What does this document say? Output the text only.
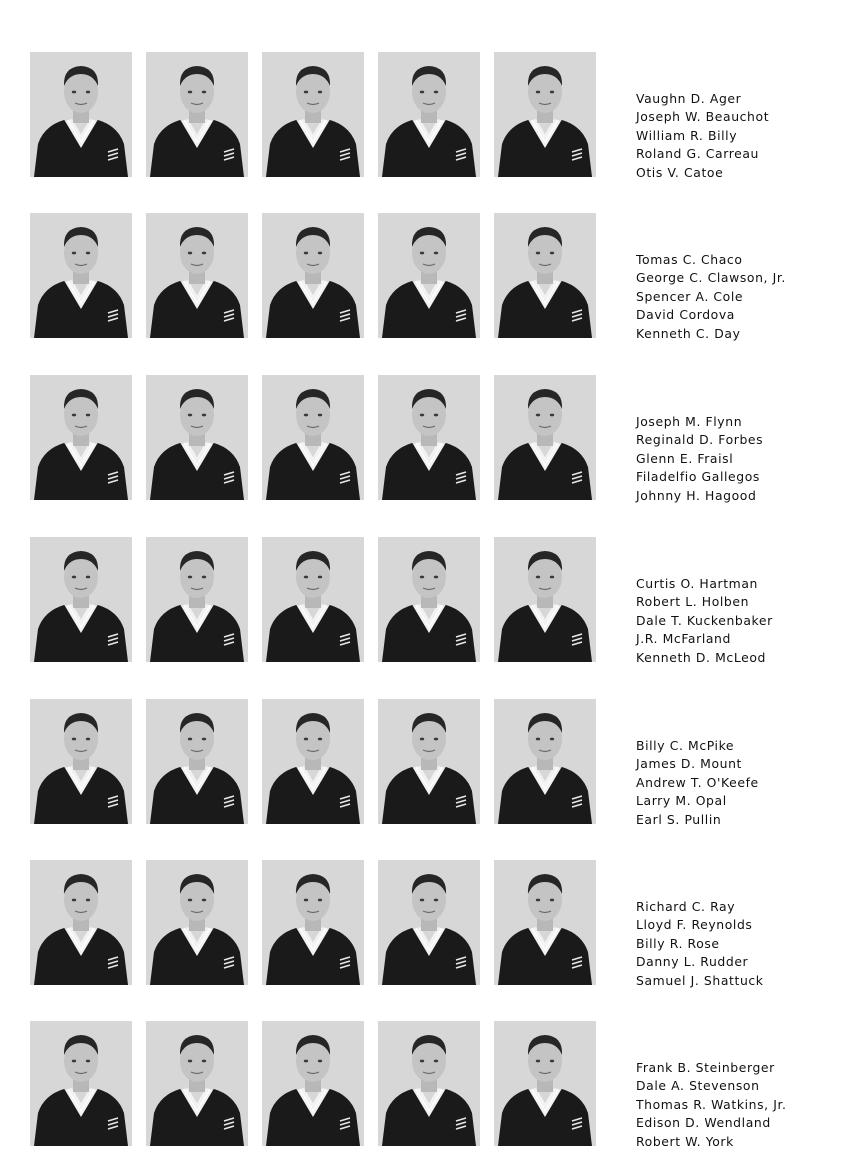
Vaughn D. Ager
Joseph W. Beauchot
William R. Billy
Roland G. Carreau
Otis V. Catoe
Tomas C. Chaco
George C. Clawson, Jr.
Spencer A. Cole
David Cordova
Kenneth C. Day
Joseph M. Flynn
Reginald D. Forbes
Glenn E. Fraisl
Filadelfio Gallegos
Johnny H. Hagood
Curtis O. Hartman
Robert L. Holben
Dale T. Kuckenbaker
J.R. McFarland
Kenneth D. McLeod
Billy C. McPike
James D. Mount
Andrew T. O'Keefe
Larry M. Opal
Earl S. Pullin
Richard C. Ray
Lloyd F. Reynolds
Billy R. Rose
Danny L. Rudder
Samuel J. Shattuck
Frank B. Steinberger
Dale A. Stevenson
Thomas R. Watkins, Jr.
Edison D. Wendland
Robert W. York
